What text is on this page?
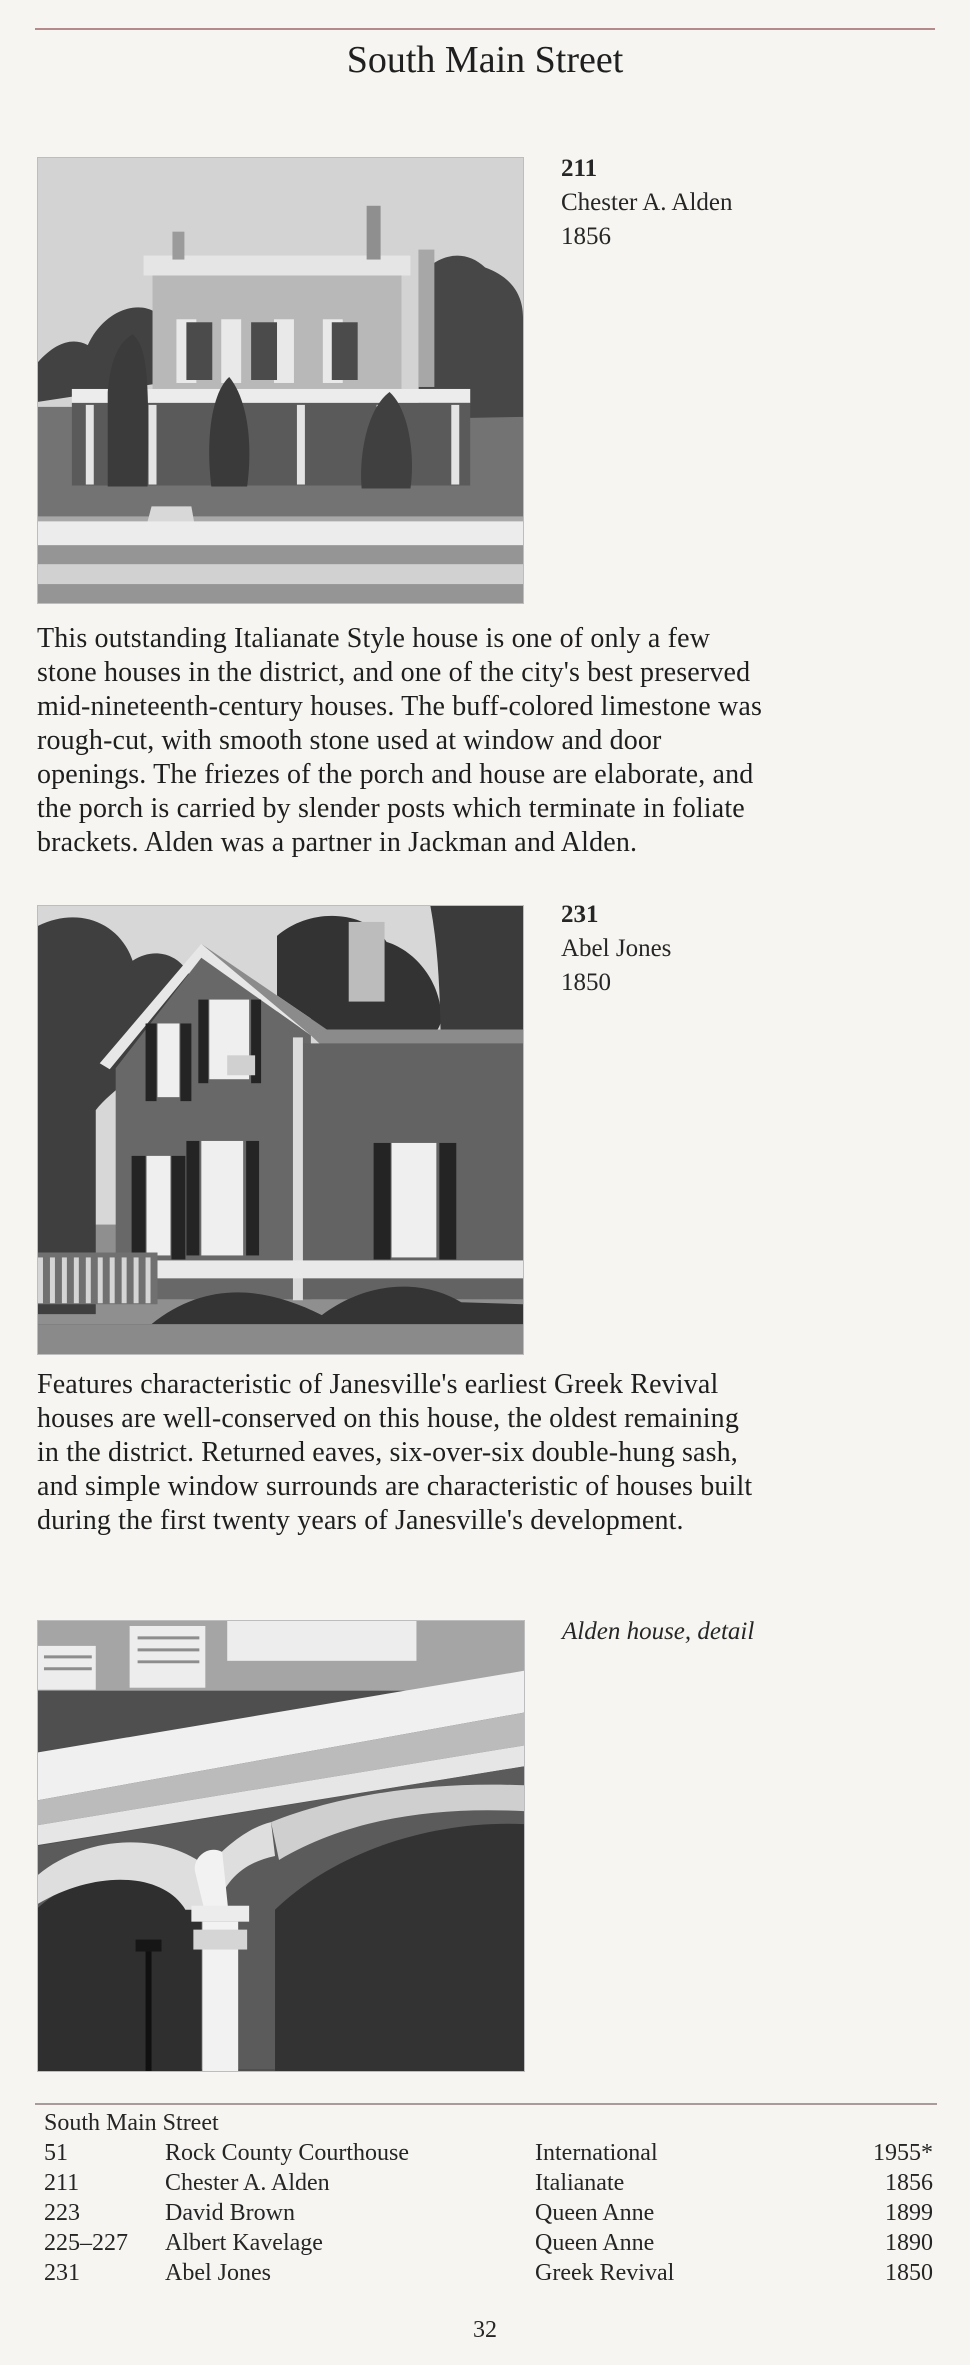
South Main Street
211
Chester A. Alden
1856
This outstanding Italianate Style house is one of only a few
stone houses in the district, and one of the city's best preserved
mid-nineteenth-century houses. The buff-colored limestone was
rough-cut, with smooth stone used at window and door
openings. The friezes of the porch and house are elaborate, and
the porch is carried by slender posts which terminate in foliate
brackets. Alden was a partner in Jackman and Alden.
231
Abel Jones
1850
Features characteristic of Janesville's earliest Greek Revival
houses are well-conserved on this house, the oldest remaining
in the district. Returned eaves, six-over-six double-hung sash,
and simple window surrounds are characteristic of houses built
during the first twenty years of Janesville's development.
Alden house, detail
South Main Street
51	Rock County Courthouse	International	1955*
211	Chester A. Alden	Italianate	1856
223	David Brown	Queen Anne	1899
225–227 Albert Kavelage	Queen Anne	1890
231	Abel Jones	Greek Revival	1850
32
